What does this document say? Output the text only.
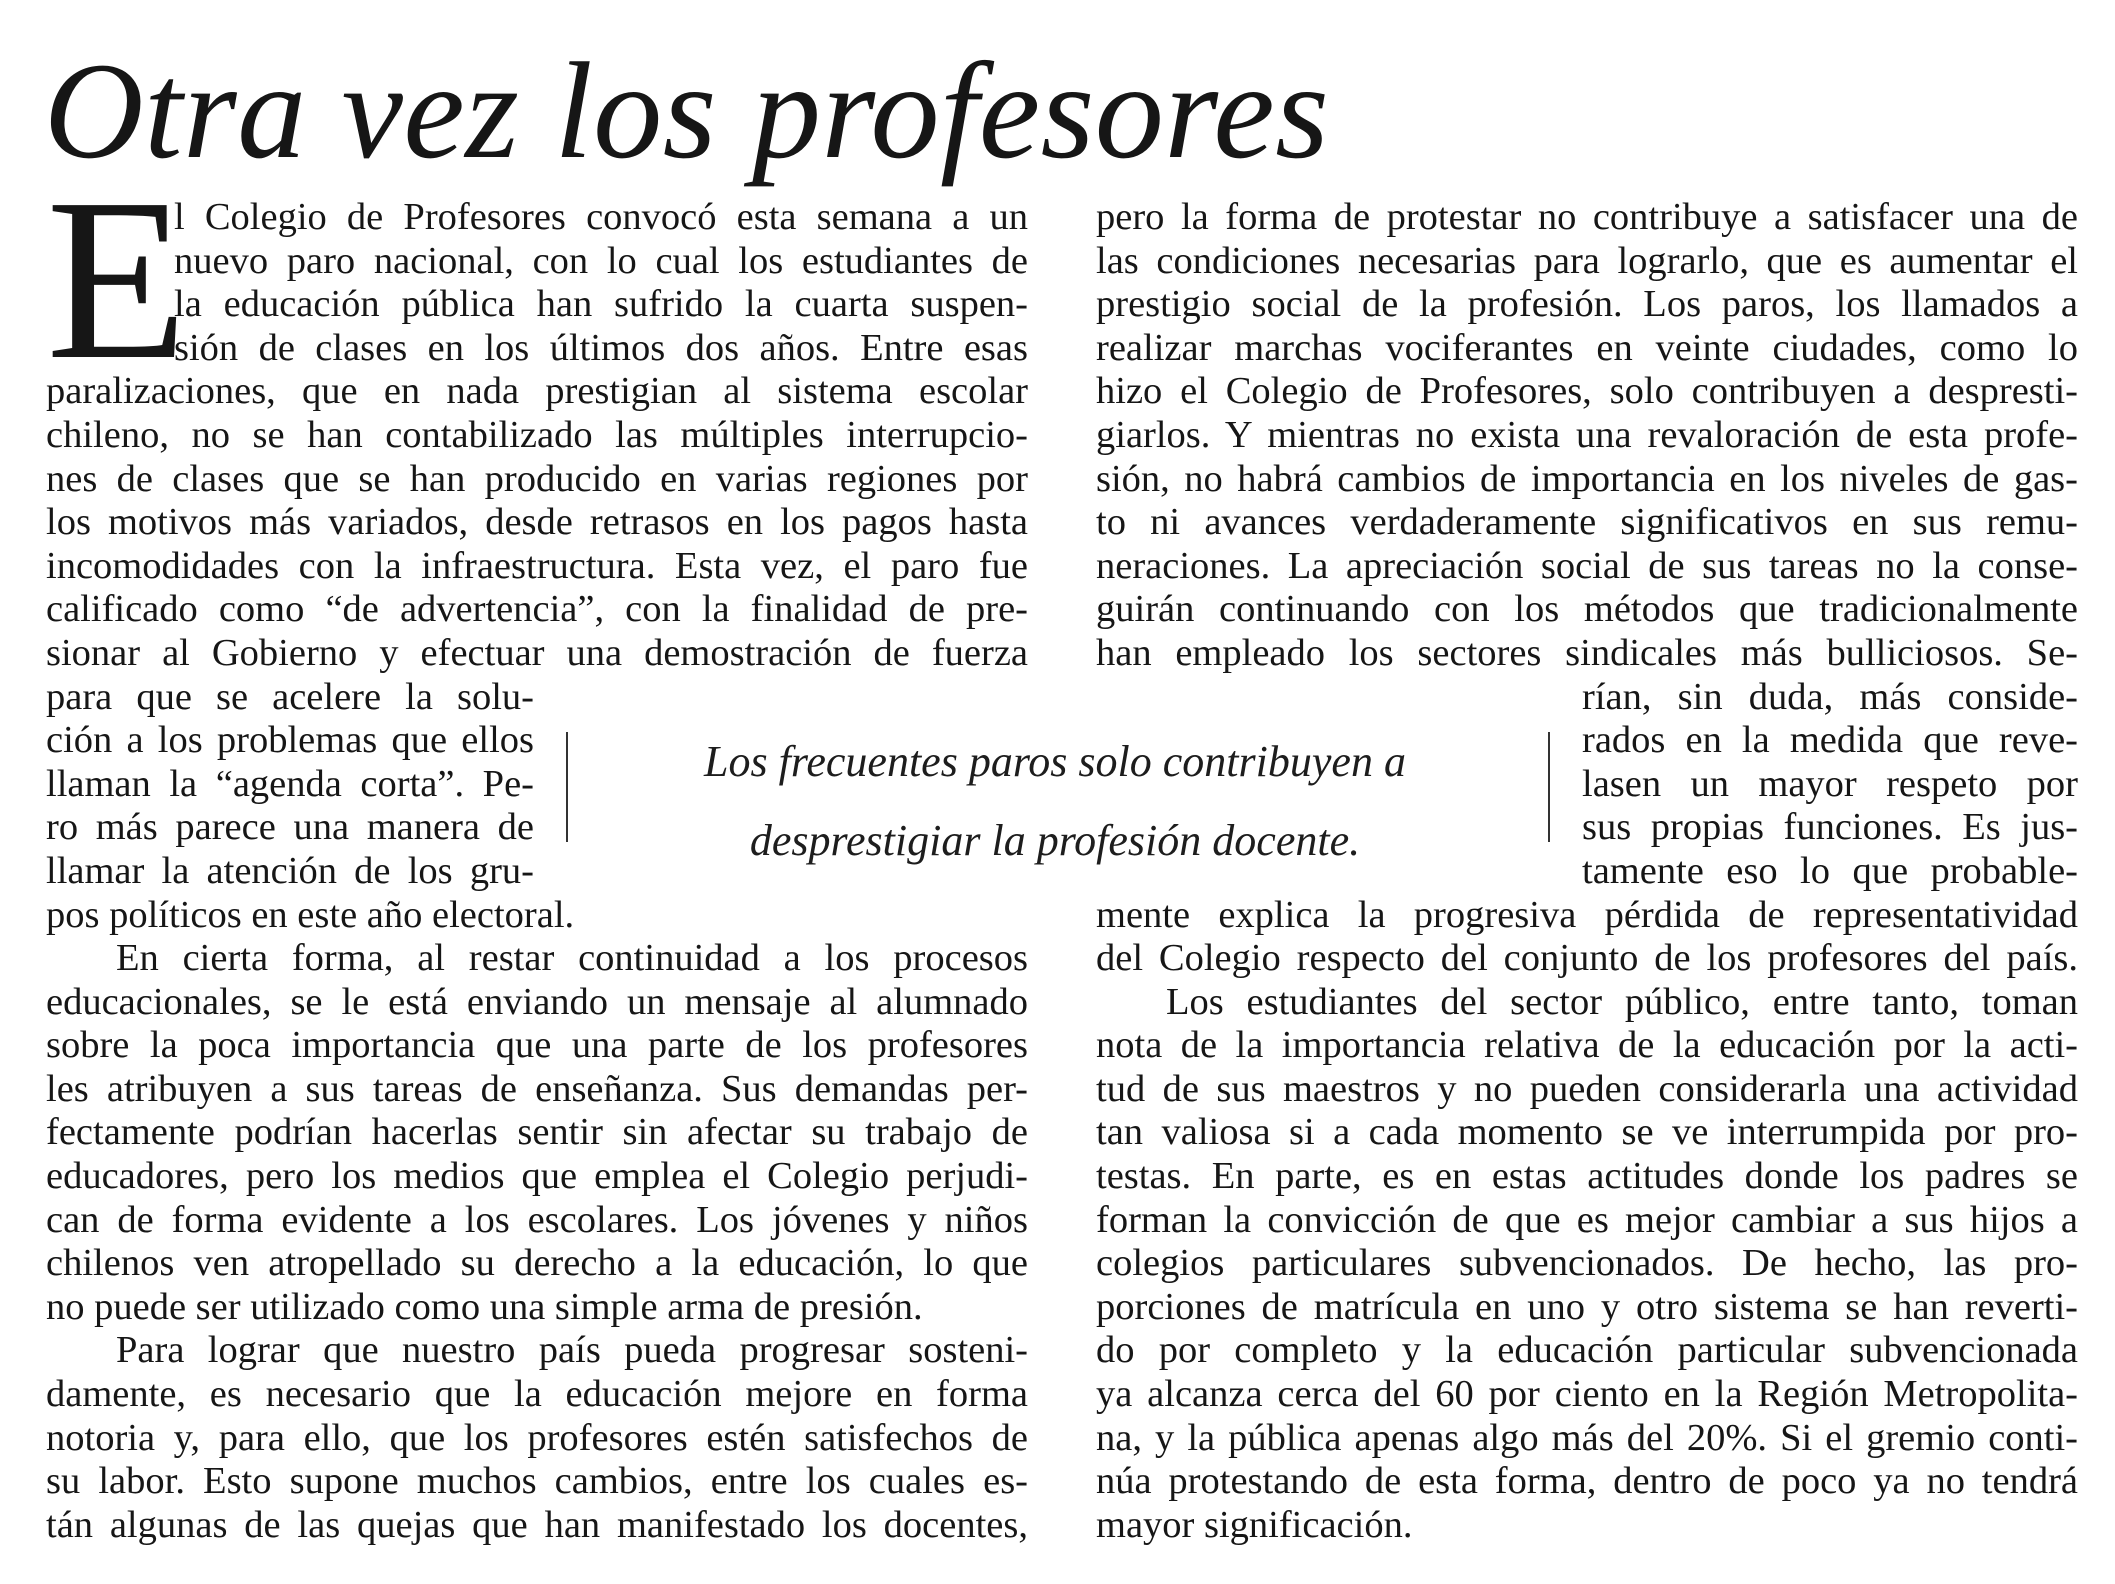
Otra vez los profesores
E

l Colegio de Profesores convocó esta semana a un
nuevo paro nacional, con lo cual los estudiantes de
la educación pública han sufrido la cuarta suspen-
sión de clases en los últimos dos años. Entre esas
paralizaciones, que en nada prestigian al sistema escolar
chileno, no se han contabilizado las múltiples interrupcio-
nes de clases que se han producido en varias regiones por
los motivos más variados, desde retrasos en los pagos hasta
incomodidades con la infraestructura. Esta vez, el paro fue
calificado como “de advertencia”, con la finalidad de pre-
sionar al Gobierno y efectuar una demostración de fuerza
para que se acelere la solu-
ción a los problemas que ellos
llaman la “agenda corta”. Pe-
ro más parece una manera de
llamar la atención de los gru-
pos políticos en este año electoral.

En cierta forma, al restar continuidad a los procesos
educacionales, se le está enviando un mensaje al alumnado
sobre la poca importancia que una parte de los profesores
les atribuyen a sus tareas de enseñanza. Sus demandas per-
fectamente podrían hacerlas sentir sin afectar su trabajo de
educadores, pero los medios que emplea el Colegio perjudi-
can de forma evidente a los escolares. Los jóvenes y niños
chilenos ven atropellado su derecho a la educación, lo que
no puede ser utilizado como una simple arma de presión.

Para lograr que nuestro país pueda progresar sosteni-
damente, es necesario que la educación mejore en forma
notoria y, para ello, que los profesores estén satisfechos de
su labor. Esto supone muchos cambios, entre los cuales es-
tán algunas de las quejas que han manifestado los docentes,

pero la forma de protestar no contribuye a satisfacer una de
las condiciones necesarias para lograrlo, que es aumentar el
prestigio social de la profesión. Los paros, los llamados a
realizar marchas vociferantes en veinte ciudades, como lo
hizo el Colegio de Profesores, solo contribuyen a despresti-
giarlos. Y mientras no exista una revaloración de esta profe-
sión, no habrá cambios de importancia en los niveles de gas-
to ni avances verdaderamente significativos en sus remu-
neraciones. La apreciación social de sus tareas no la conse-
guirán continuando con los métodos que tradicionalmente
han empleado los sectores sindicales más bulliciosos. Se-
rían, sin duda, más conside-
rados en la medida que reve-
lasen un mayor respeto por
sus propias funciones. Es jus-
tamente eso lo que probable-
mente explica la progresiva pérdida de representatividad
del Colegio respecto del conjunto de los profesores del país.

Los estudiantes del sector público, entre tanto, toman
nota de la importancia relativa de la educación por la acti-
tud de sus maestros y no pueden considerarla una actividad
tan valiosa si a cada momento se ve interrumpida por pro-
testas. En parte, es en estas actitudes donde los padres se
forman la convicción de que es mejor cambiar a sus hijos a
colegios particulares subvencionados. De hecho, las pro-
porciones de matrícula en uno y otro sistema se han reverti-
do por completo y la educación particular subvencionada
ya alcanza cerca del 60 por ciento en la Región Metropolita-
na, y la pública apenas algo más del 20%. Si el gremio conti-
núa protestando de esta forma, dentro de poco ya no tendrá
mayor significación.

Los frecuentes paros solo contribuyen a
desprestigiar la profesión docente.
